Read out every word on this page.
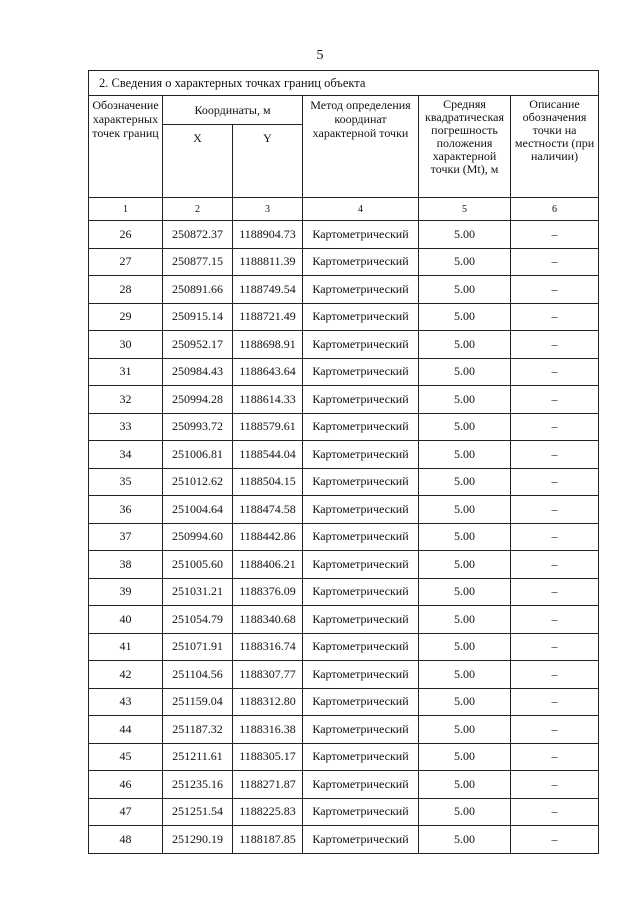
5
2. Сведения о характерных точках границ объекта					
Обозначение характерных точек границ	Координаты, м		Метод определения координат характерной точки	Средняя квадратическая погрешность положения характерной точки (Mt), м	Описание обозначения точки на местности (при наличии)
	X	Y			
1	2	3	4	5	6
26	250872.37	1188904.73	Картометрический	5.00	–
27	250877.15	1188811.39	Картометрический	5.00	–
28	250891.66	1188749.54	Картометрический	5.00	–
29	250915.14	1188721.49	Картометрический	5.00	–
30	250952.17	1188698.91	Картометрический	5.00	–
31	250984.43	1188643.64	Картометрический	5.00	–
32	250994.28	1188614.33	Картометрический	5.00	–
33	250993.72	1188579.61	Картометрический	5.00	–
34	251006.81	1188544.04	Картометрический	5.00	–
35	251012.62	1188504.15	Картометрический	5.00	–
36	251004.64	1188474.58	Картометрический	5.00	–
37	250994.60	1188442.86	Картометрический	5.00	–
38	251005.60	1188406.21	Картометрический	5.00	–
39	251031.21	1188376.09	Картометрический	5.00	–
40	251054.79	1188340.68	Картометрический	5.00	–
41	251071.91	1188316.74	Картометрический	5.00	–
42	251104.56	1188307.77	Картометрический	5.00	–
43	251159.04	1188312.80	Картометрический	5.00	–
44	251187.32	1188316.38	Картометрический	5.00	–
45	251211.61	1188305.17	Картометрический	5.00	–
46	251235.16	1188271.87	Картометрический	5.00	–
47	251251.54	1188225.83	Картометрический	5.00	–
48	251290.19	1188187.85	Картометрический	5.00	–
